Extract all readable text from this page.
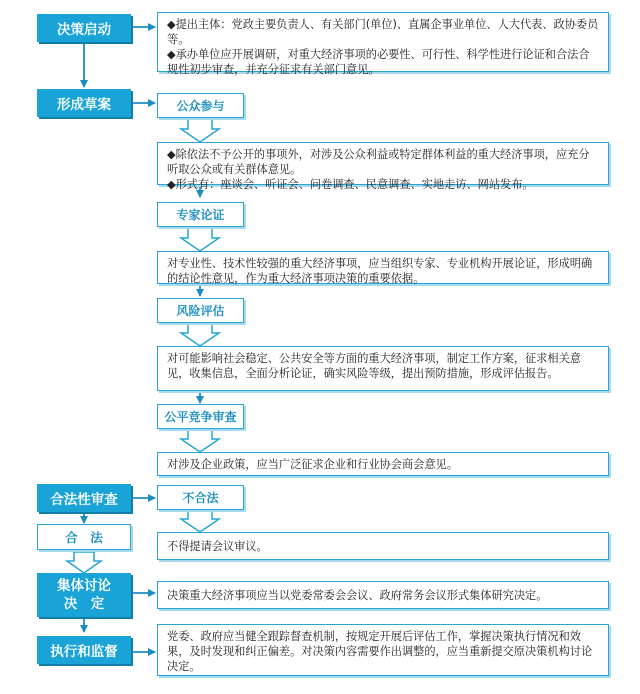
决策启动
形成草案
合法性审查
合　法
集体讨论
决　定
执行和监督

◆提出主体：党政主要负责人、有关部门(单位)、直属企事业单位、人大代表、政协委员等。

◆承办单位应开展调研，对重大经济事项的必要性、可行性、科学性进行论证和合法合规性初步审查，并充分征求有关部门意见。

公众参与

◆除依法不予公开的事项外，对涉及公众利益或特定群体利益的重大经济事项，应充分听取公众或有关群体意见。

◆形式有：座谈会、听证会、问卷调查、民意调查、实地走访、网站发布。

专家论证

对专业性、技术性较强的重大经济事项，应当组织专家、专业机构开展论证，形成明确的结论性意见，作为重大经济事项决策的重要依据。

风险评估

对可能影响社会稳定、公共安全等方面的重大经济事项，制定工作方案，征求相关意见，收集信息，全面分析论证，确实风险等级，提出预防措施，形成评估报告。

公平竞争审查

对涉及企业政策，应当广泛征求企业和行业协会商会意见。

不合法

不得提请会议审议。

决策重大经济事项应当以党委常委会会议、政府常务会议形式集体研究决定。

党委、政府应当健全跟踪督查机制，按规定开展后评估工作，掌握决策执行情况和效果，及时发现和纠正偏差。对决策内容需要作出调整的，应当重新提交原决策机构讨论决定。
